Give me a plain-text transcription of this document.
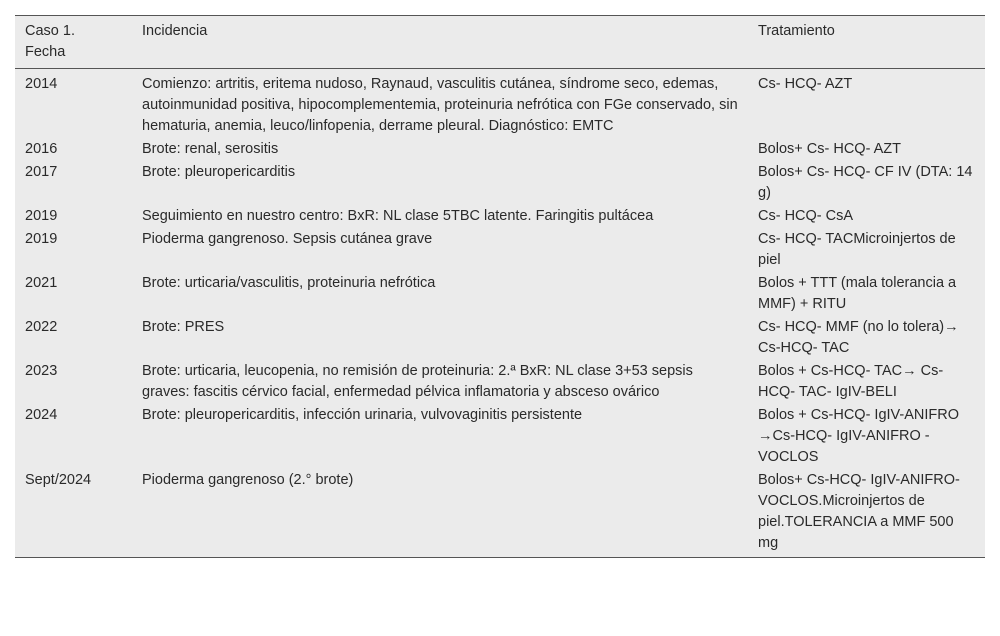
Caso 1.
Fecha	Incidencia	Tratamiento
2014	Comienzo: artritis, eritema nudoso, Raynaud, vasculitis cutánea, síndrome seco, edemas, autoinmunidad positiva, hipocomplementemia, proteinuria nefrótica con FGe conservado, sin hematuria, anemia, leuco/linfopenia, derrame pleural. Diagnóstico: EMTC	Cs- HCQ- AZT
2016	Brote: renal, serositis	Bolos+ Cs- HCQ- AZT
2017	Brote: pleuropericarditis	Bolos+ Cs- HCQ- CF IV (DTA: 14 g)
2019	Seguimiento en nuestro centro: BxR: NL clase 5TBC latente. Faringitis pultácea	Cs- HCQ- CsA
2019	Pioderma gangrenoso. Sepsis cutánea grave	Cs- HCQ- TACMicroinjertos de piel
2021	Brote: urticaria/vasculitis, proteinuria nefrótica	Bolos + TTT (mala tolerancia a MMF) + RITU
2022	Brote: PRES	Cs- HCQ- MMF (no lo tolera)→ Cs-HCQ- TAC
2023	Brote: urticaria, leucopenia, no remisión de proteinuria: 2.ª BxR: NL clase 3+53 sepsis graves: fascitis cérvico facial, enfermedad pélvica inflamatoria y absceso ovárico	Bolos + Cs-HCQ- TAC→ Cs-HCQ- TAC- IgIV-BELI
2024	Brote: pleuropericarditis, infección urinaria, vulvovaginitis persistente	Bolos + Cs-HCQ- IgIV-ANIFRO →Cs-HCQ- IgIV-ANIFRO -VOCLOS
Sept/2024	Pioderma gangrenoso (2.° brote)	Bolos+ Cs-HCQ- IgIV-ANIFRO-VOCLOS.Microinjertos de piel.TOLERANCIA a MMF 500 mg
